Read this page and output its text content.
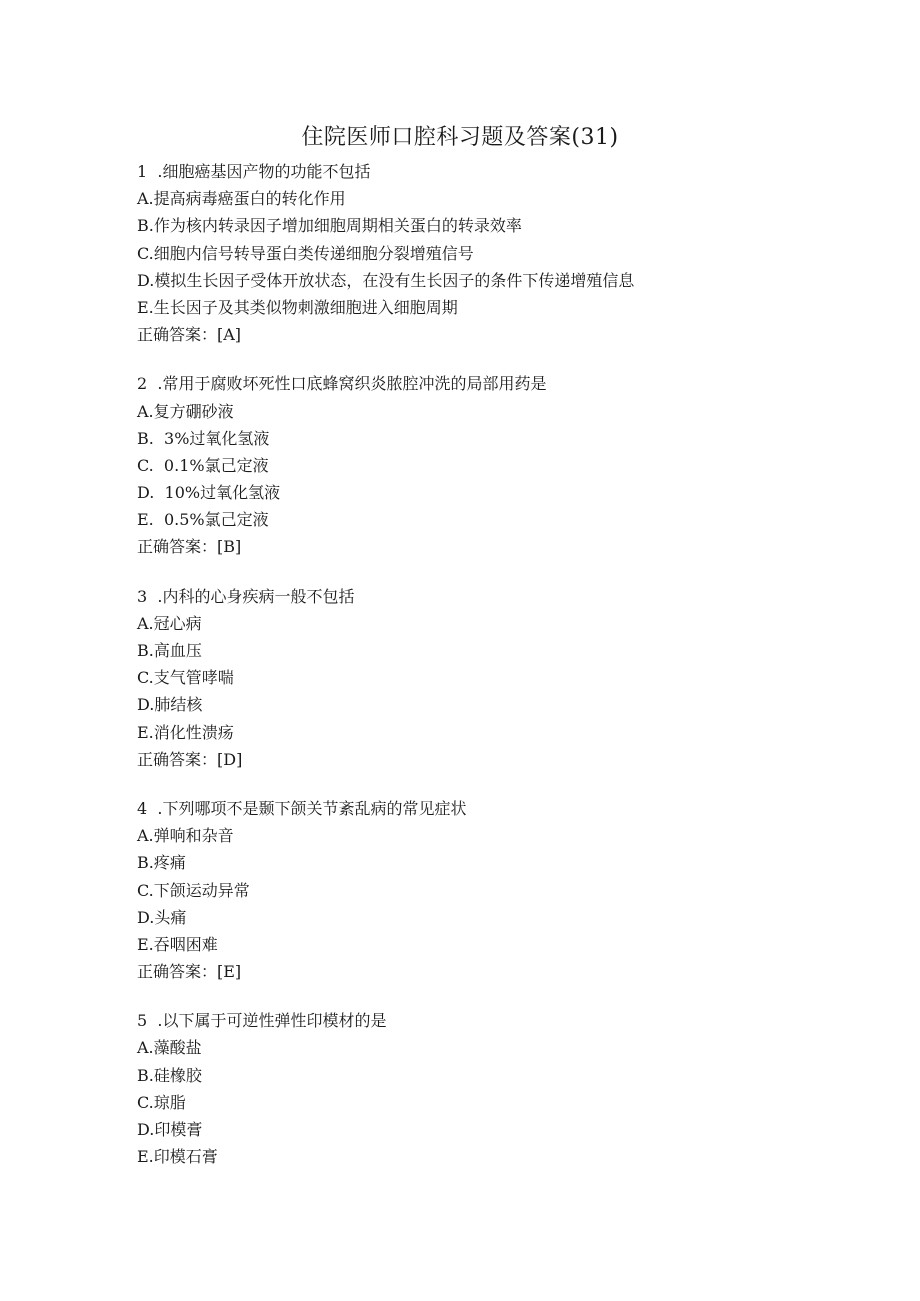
住院医师口腔科习题及答案(31)
1  .细胞癌基因产物的功能不包括
A.提高病毒癌蛋白的转化作用
B.作为核内转录因子增加细胞周期相关蛋白的转录效率
C.细胞内信号转导蛋白类传递细胞分裂增殖信号
D.模拟生长因子受体开放状态，在没有生长因子的条件下传递增殖信息
E.生长因子及其类似物刺激细胞进入细胞周期
正确答案：[A]
2  .常用于腐败坏死性口底蜂窝织炎脓腔冲洗的局部用药是
A.复方硼砂液
B.  3%过氧化氢液
C.  0.1%氯己定液
D.  10%过氧化氢液
E.  0.5%氯己定液
正确答案：[B]
3  .内科的心身疾病一般不包括
A.冠心病
B.高血压
C.支气管哮喘
D.肺结核
E.消化性溃疡
正确答案：[D]
4  .下列哪项不是颞下颌关节紊乱病的常见症状
A.弹响和杂音
B.疼痛
C.下颌运动异常
D.头痛
E.吞咽困难
正确答案：[E]
5  .以下属于可逆性弹性印模材的是
A.藻酸盐
B.硅橡胶
C.琼脂
D.印模膏
E.印模石膏
